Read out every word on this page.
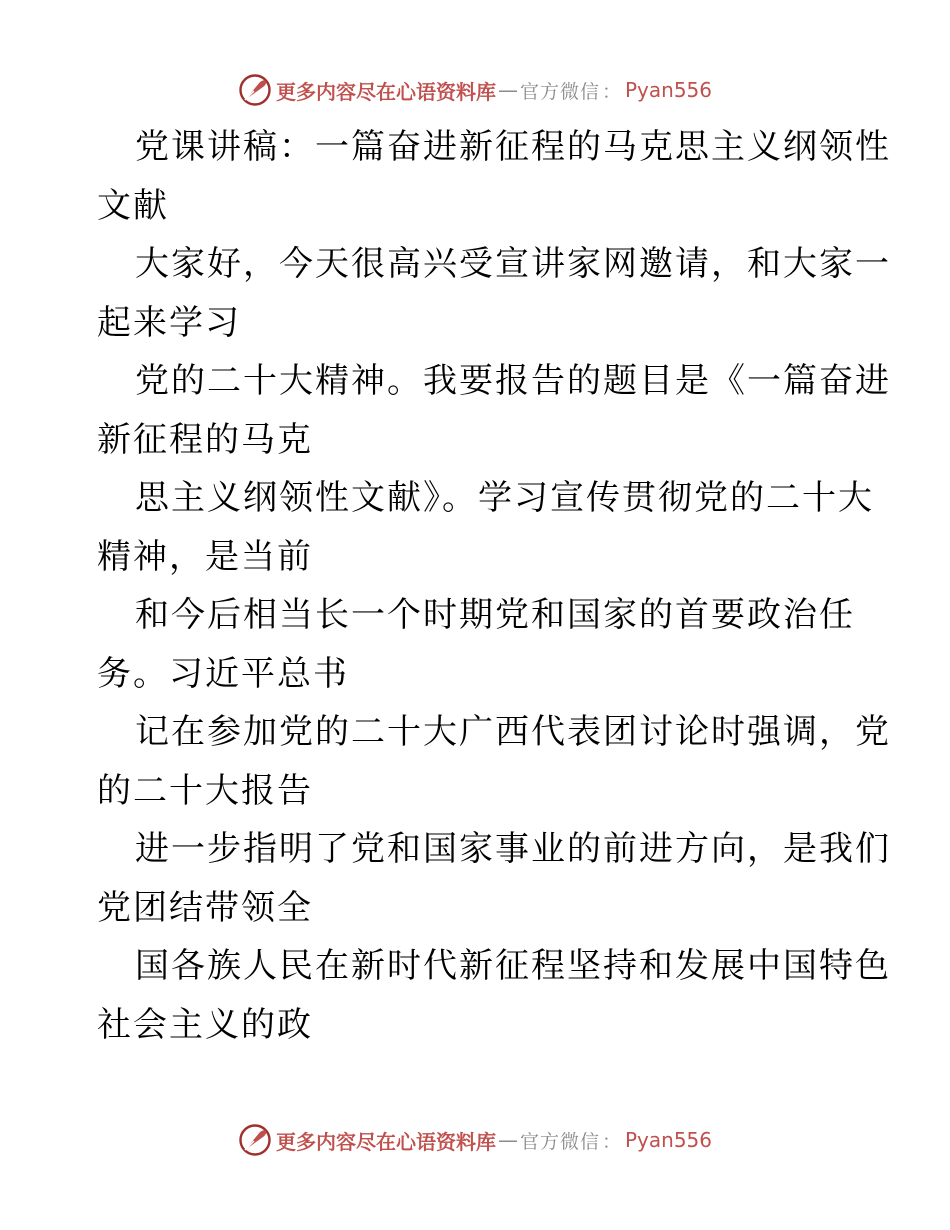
更多内容尽在心语资料库 — 官方微信 ： Pyan556
党课讲稿：一篇奋进新征程的马克思主义纲领性
文献
大家好，今天很高兴受宣讲家网邀请，和大家一
起来学习
党的二十大精神。我要报告的题目是《一篇奋进
新征程的马克
思主义纲领性文献》。学习宣传贯彻党的二十大
精神，是当前
和今后相当长一个时期党和国家的首要政治任
务。习近平总书
记在参加党的二十大广西代表团讨论时强调，党
的二十大报告
进一步指明了党和国家事业的前进方向，是我们
党团结带领全
国各族人民在新时代新征程坚持和发展中国特色
社会主义的政
更多内容尽在心语资料库 — 官方微信 ： Pyan556
